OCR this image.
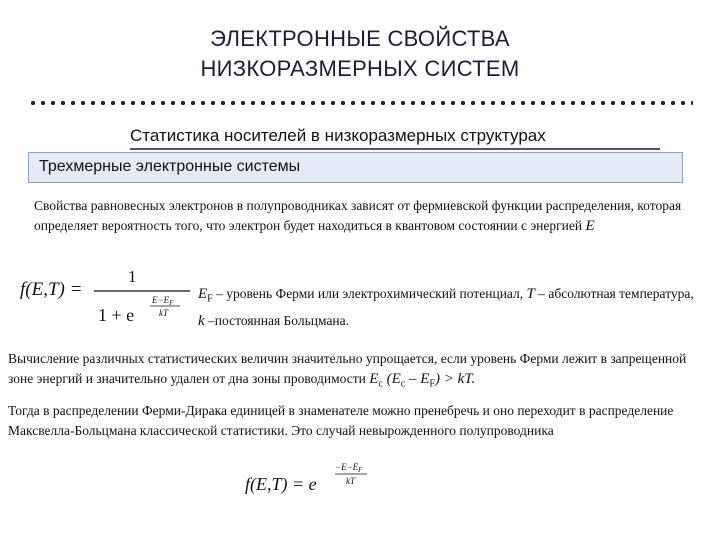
ЭЛЕКТРОННЫЕ СВОЙСТВА
НИЗКОРАЗМЕРНЫХ СИСТЕМ
Статистика носителей в низкоразмерных структурах
Трехмерные электронные системы
Свойства равновесных электронов в полупроводниках зависят от фермиевской функции распределения, которая определяет вероятность того, что электрон будет находиться в квантовом состоянии с энергией E
f(E,T) =
1
1 + e
$E-E_F$
kT
$E_F$ – уровень Ферми или электрохимический потенциал, T – абсолютная температура, k –постоянная Больцмана.
Вычисление различных статистических величин значительно упрощается, если уровень Ферми лежит в запрещенной зоне энергий и значительно удален от дна зоны проводимости $E_c$ $(E_c - E_F)$ > kT.
Тогда в распределении Ферми-Дирака единицей в знаменателе можно пренебречь и оно переходит в распределение Максвелла-Больцмана классической статистики. Это случай невырожденного полупроводника
f(E,T) = e
$-E-E_F$
kT
